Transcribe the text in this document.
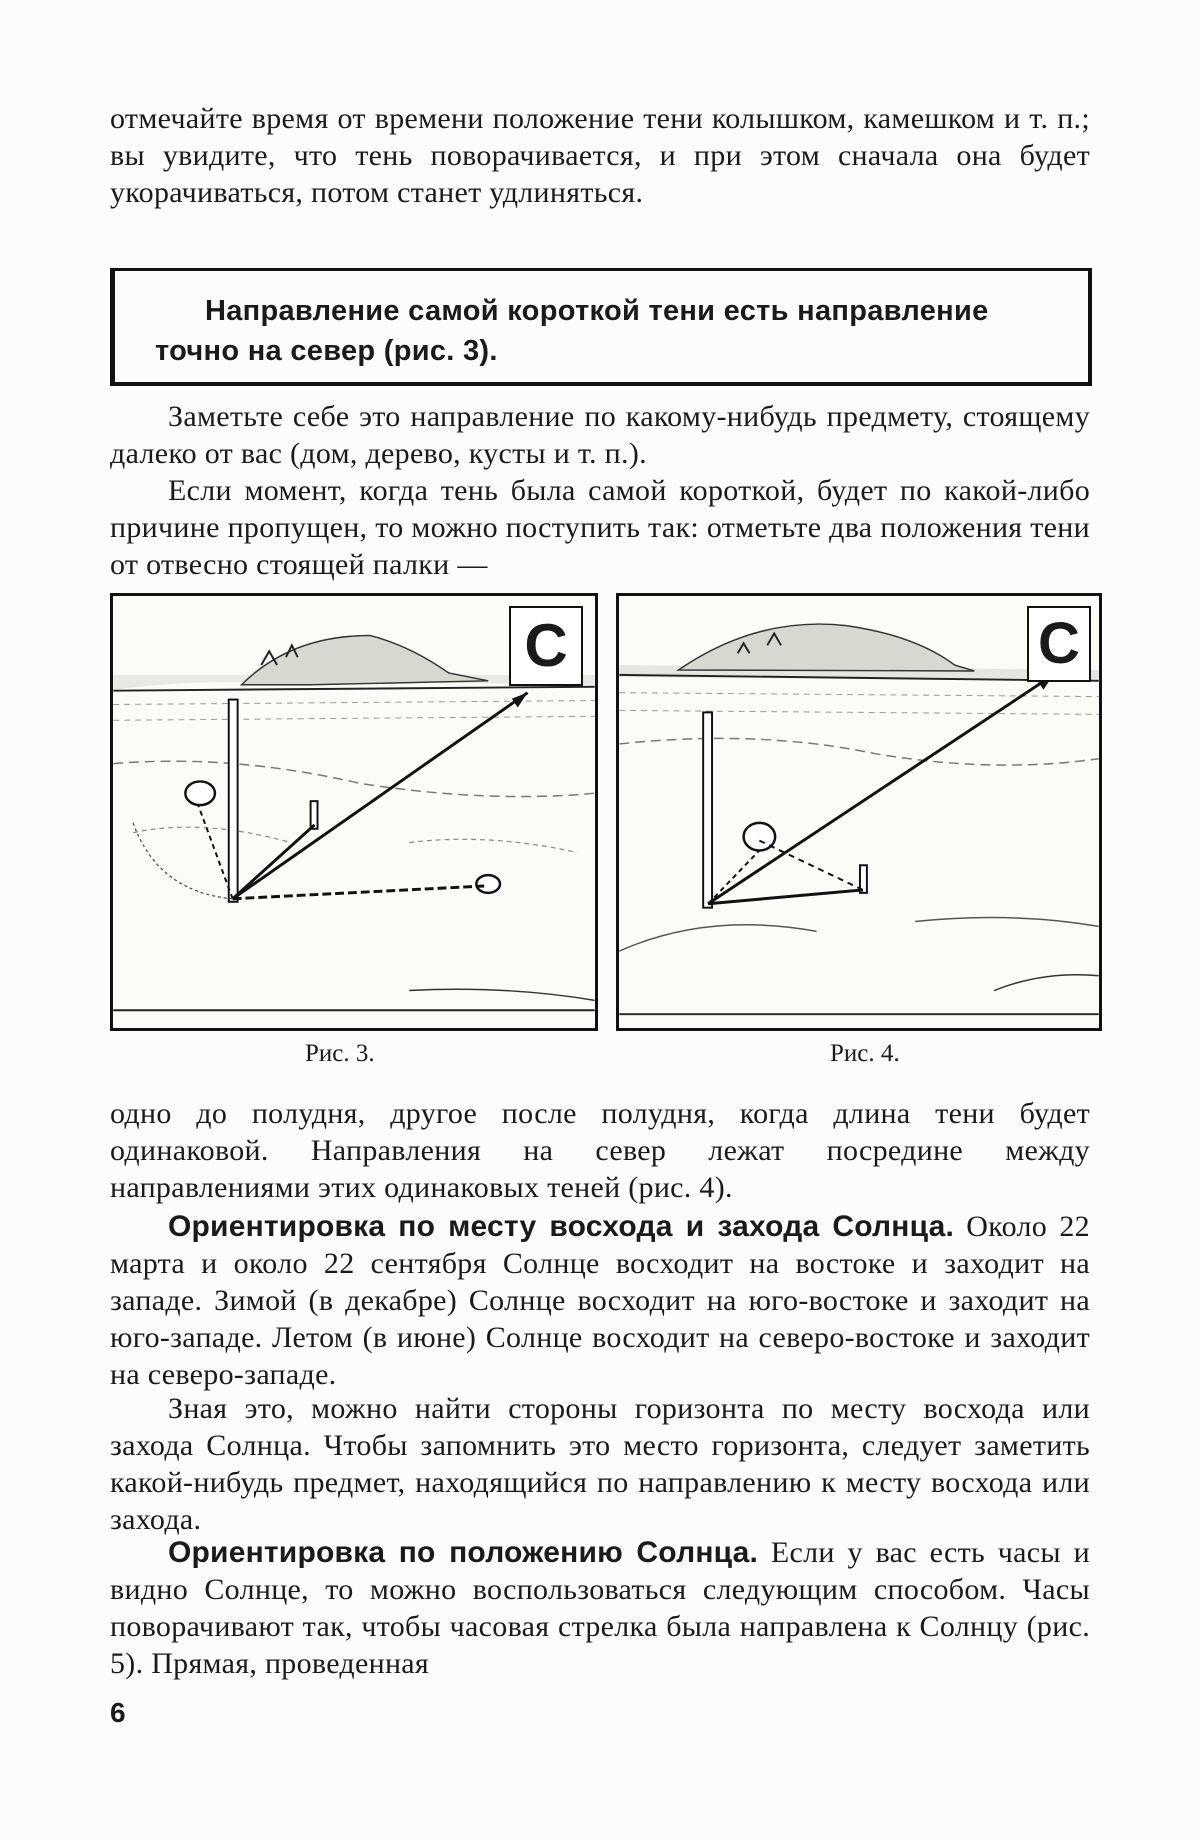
отмечайте время от времени положение тени колышком, камешком и т. п.; вы увидите, что тень поворачивается, и при этом сначала она будет укорачиваться, потом станет удлиняться.

Направление самой короткой тени есть направление точно на север (рис. 3).

Заметьте себе это направление по какому-нибудь предмету, стоящему далеко от вас (дом, дерево, кусты и т. п.).

Если момент, когда тень была самой короткой, будет по какой-либо причине пропущен, то можно поступить так: отметьте два положения тени от отвесно стоящей палки —

С	С
Рис. 3.	Рис. 4.

одно до полудня, другое после полудня, когда длина тени будет одинаковой. Направления на север лежат посредине между направлениями этих одинаковых теней (рис. 4).

Ориентировка по месту восхода и захода Солнца. Около 22 марта и около 22 сентября Солнце восходит на востоке и заходит на западе. Зимой (в декабре) Солнце восходит на юго-востоке и заходит на юго-западе. Летом (в июне) Солнце восходит на северо-востоке и заходит на северо-западе.

Зная это, можно найти стороны горизонта по месту восхода или захода Солнца. Чтобы запомнить это место горизонта, следует заметить какой-нибудь предмет, находящийся по направлению к месту восхода или захода.

Ориентировка по положению Солнца. Если у вас есть часы и видно Солнце, то можно воспользоваться следующим способом. Часы поворачивают так, чтобы часовая стрелка была направлена к Солнцу (рис. 5). Прямая, проведенная

6
